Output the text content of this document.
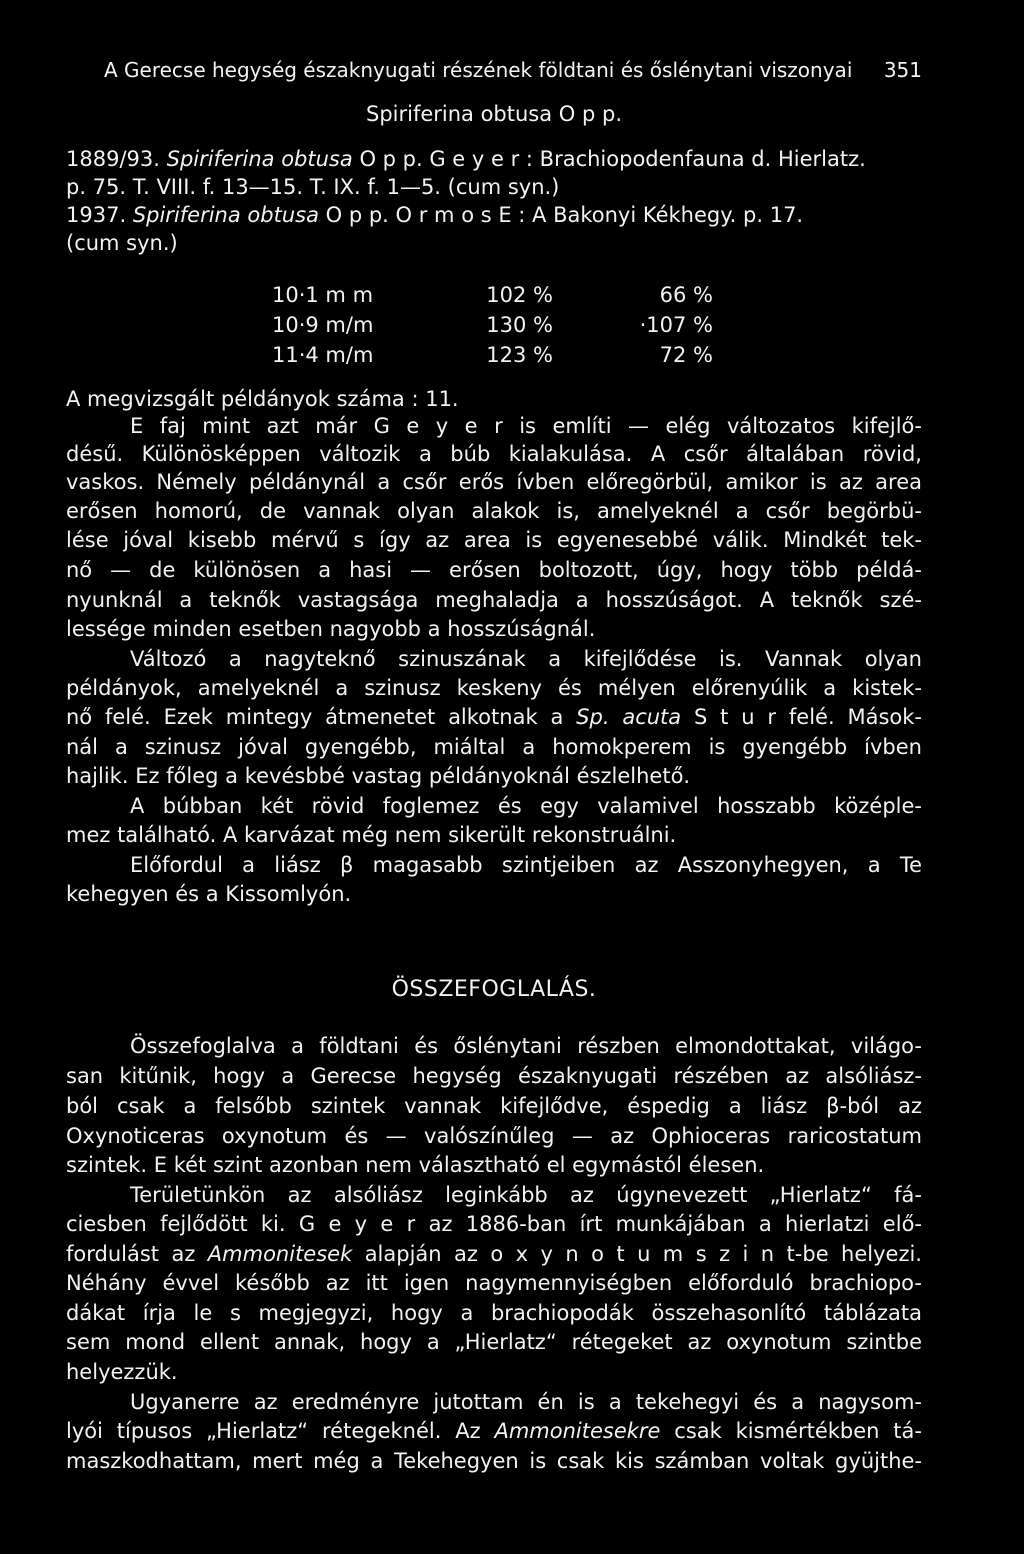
A Gerecse hegység északnyugati részének földtani és őslénytani viszonyai 351
Spiriferina obtusa O p p.
1889/93. Spiriferina obtusa O p p. G e y e r : Brachiopodenfauna d. Hierlatz.
p. 75. T. VIII. f. 13—15. T. IX. f. 1—5. (cum syn.)
1937. Spiriferina obtusa O p p. O r m o s E : A Bakonyi Kékhegy. p. 17.
(cum syn.)
10·1 m m	102 %	66 %
10·9 m/m	130 %	·107 %
11·4 m/m	123 %	72 %
A megvizsgált példányok száma : 11.
E faj mint azt már G e y e r is említi — elég változatos kifejlő-
désű. Különösképpen változik a búb kialakulása. A csőr általában rövid,
vaskos. Némely példánynál a csőr erős ívben előregörbül, amikor is az area
erősen homorú, de vannak olyan alakok is, amelyeknél a csőr begörbü-
lése jóval kisebb mérvű s így az area is egyenesebbé válik. Mindkét tek-
nő — de különösen a hasi — erősen boltozott, úgy, hogy több példá-
nyunknál a teknők vastagsága meghaladja a hosszúságot. A teknők szé-
lessége minden esetben nagyobb a hosszúságnál.
Változó a nagyteknő szinuszának a kifejlődése is. Vannak olyan
példányok, amelyeknél a szinusz keskeny és mélyen előrenyúlik a kistek-
nő felé. Ezek mintegy átmenetet alkotnak a Sp. acuta S t u r felé. Mások-
nál a szinusz jóval gyengébb, miáltal a homokperem is gyengébb ívben
hajlik. Ez főleg a kevésbbé vastag példányoknál észlelhető.
A búbban két rövid foglemez és egy valamivel hosszabb középle-
mez található. A karvázat még nem sikerült rekonstruálni.
Előfordul a liász β magasabb szintjeiben az Asszonyhegyen, a Te
kehegyen és a Kissomlyón.
ÖSSZEFOGLALÁS.
Összefoglalva a földtani és őslénytani részben elmondottakat, világo-
san kitűnik, hogy a Gerecse hegység északnyugati részében az alsóliász-
ból csak a felsőbb szintek vannak kifejlődve, éspedig a liász β-ból az
Oxynoticeras oxynotum és — valószínűleg — az Ophioceras raricostatum
szintek. E két szint azonban nem választható el egymástól élesen.
Területünkön az alsóliász leginkább az úgynevezett „Hierlatz“ fá-
ciesben fejlődött ki. G e y e r az 1886-ban írt munkájában a hierlatzi elő-
fordulást az Ammonitesek alapján az o x y n o t u m s z i n t-be helyezi.
Néhány évvel később az itt igen nagymennyiségben előforduló brachiopo-
dákat írja le s megjegyzi, hogy a brachiopodák összehasonlító táblázata
sem mond ellent annak, hogy a „Hierlatz“ rétegeket az oxynotum szintbe
helyezzük.
Ugyanerre az eredményre jutottam én is a tekehegyi és a nagysom-
lyói típusos „Hierlatz“ rétegeknél. Az Ammonitesekre csak kismértékben tá-
maszkodhattam, mert még a Tekehegyen is csak kis számban voltak gyüjthe-
